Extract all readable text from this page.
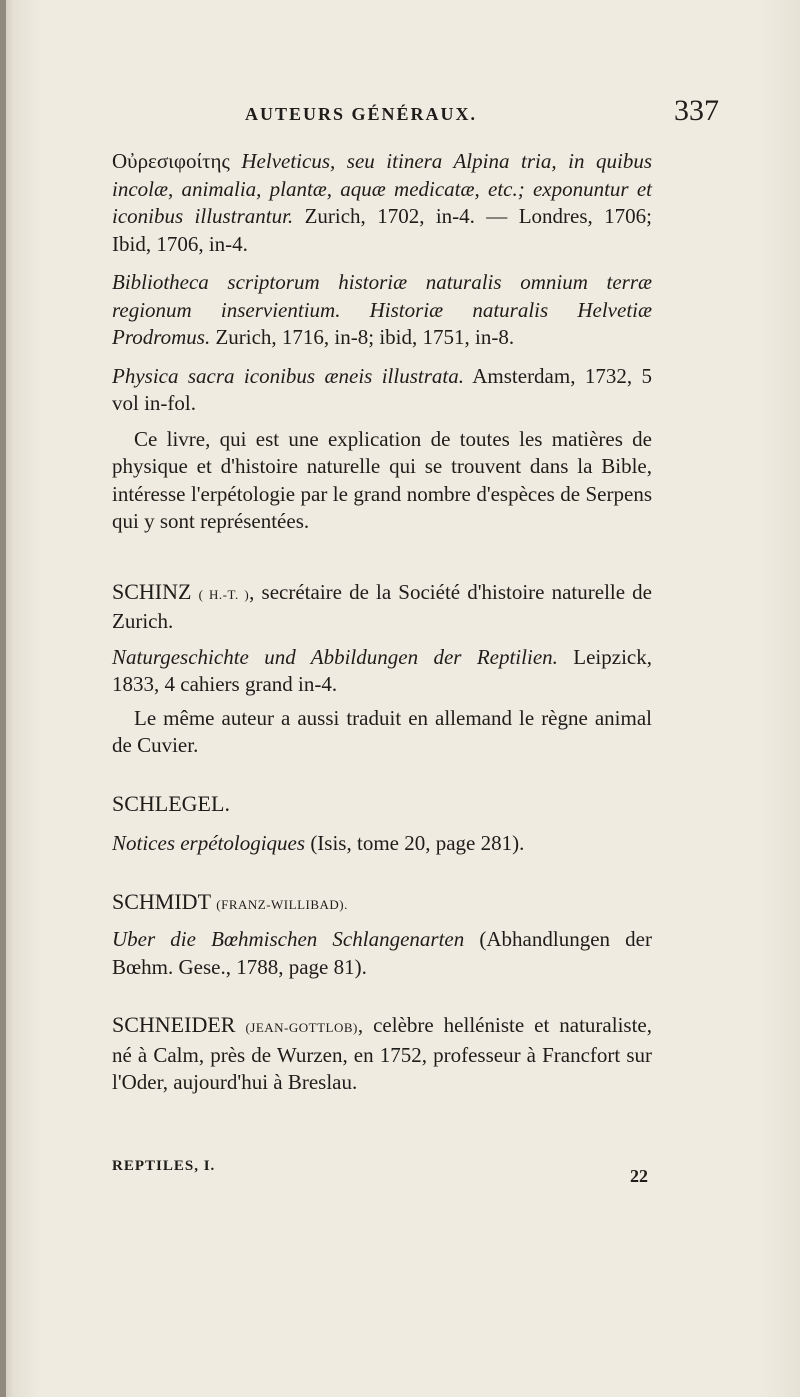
AUTEURS GÉNÉRAUX.	337

Οὐρεσιφοίτης Helveticus, seu itinera Alpina tria, in quibus incolæ, animalia, plantæ, aquæ medicatæ, etc.; exponuntur et iconibus illustrantur. Zurich, 1702, in-4. — Londres, 1706; Ibid, 1706, in-4.

Bibliotheca scriptorum historiæ naturalis omnium terræ regionum inservientium. Historiæ naturalis Helvetiæ Prodromus. Zurich, 1716, in-8; ibid, 1751, in-8.

Physica sacra iconibus æneis illustrata. Amsterdam, 1732, 5 vol in-fol.

Ce livre, qui est une explication de toutes les matières de physique et d'histoire naturelle qui se trouvent dans la Bible, intéresse l'erpétologie par le grand nombre d'espèces de Serpens qui y sont représentées.

SCHINZ ( H.-T. ), secrétaire de la Société d'histoire naturelle de Zurich.

Naturgeschichte und Abbildungen der Reptilien. Leipzick, 1833, 4 cahiers grand in-4.

Le même auteur a aussi traduit en allemand le règne animal de Cuvier.

SCHLEGEL.

Notices erpétologiques (Isis, tome 20, page 281).

SCHMIDT (FRANZ-WILLIBAD).

Uber die Bœhmischen Schlangenarten (Abhandlungen der Bœhm. Gese., 1788, page 81).

SCHNEIDER (JEAN-GOTTLOB), celèbre helléniste et naturaliste, né à Calm, près de Wurzen, en 1752, professeur à Francfort sur l'Oder, aujourd'hui à Breslau.

REPTILES, I.	22
